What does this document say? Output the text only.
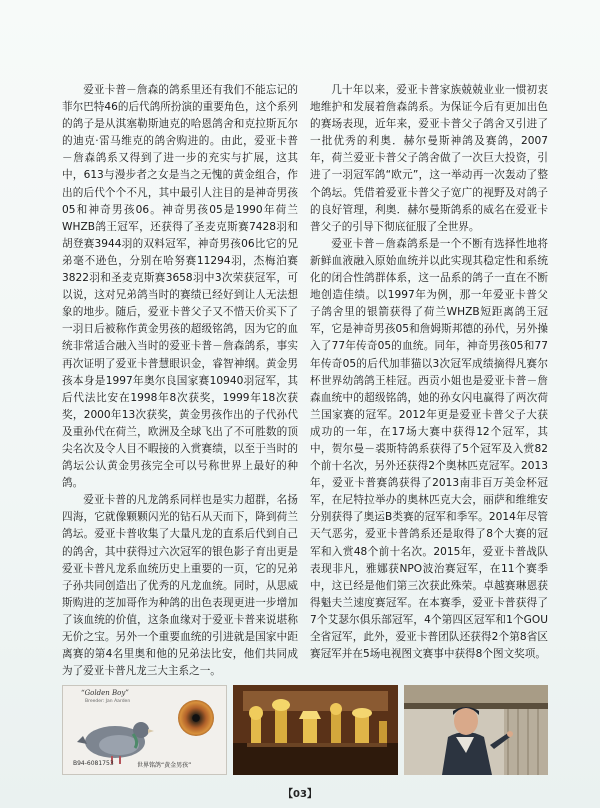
爱亚卡普－詹森的鸽系里还有我们不能忘记的菲尔巴特46的后代鸽所扮演的重要角色，这个系列的鸽子是从淇塞勒斯迪克的哈恩鸽舍和克拉斯瓦尔的迪克·雷马维克的鸽舍购进的。由此，爱亚卡普－詹森鸽系又得到了进一步的充实与扩展，这其中，613与漫步者之女是当之无愧的黄金组合，作出的后代个个不凡，其中最引人注目的是神奇男孩05和神奇男孩06。神奇男孩05是1990年荷兰WHZB鸽王冠军，还获得了圣麦克斯赛7428羽和胡登赛3944羽的双料冠军，神奇男孩06比它的兄弟毫不逊色，分别在哈努赛11294羽，杰梅泊赛3822羽和圣麦克斯赛3658羽中3次荣获冠军，可以说，这对兄弟鸽当时的赛绩已经好到让人无法想象的地步。随后，爱亚卡普父子又不惜天价买下了一羽日后被称作黄金男孩的超级铭鸽，因为它的血统非常适合融入当时的爱亚卡普－詹森鸽系，事实再次证明了爱亚卡普慧眼识金，睿智神纲。黄金男孩本身是1997年奥尔良国家赛10940羽冠军，其后代法比安在1998年8次获奖，1999年18次获奖，2000年13次获奖，黄金男孩作出的子代孙代及重孙代在荷兰，欧洲及全球飞出了不可胜数的顶尖名次及令人目不暇接的入赏赛绩，以至于当时的鸽坛公认黄金男孩完全可以号称世界上最好的种鸽。

爱亚卡普的凡龙鸽系同样也是实力超群，名扬四海，它就像颗颗闪光的钻石从天而下，降到荷兰鸽坛。爱亚卡普收集了大量凡龙的直系后代到自己的鸽舍，其中获得过六次冠军的银色影子育出更是爱亚卡普凡龙系血统历史上重要的一页，它的兄弟子孙共同创造出了优秀的凡龙血统。同时，从思威斯购进的芝加哥作为种鸽的出色表现更进一步增加了该血统的价值，这条血缘对于爱亚卡普来说堪称无价之宝。另外一个重要血统的引进就是国家中距离赛的第4名里奥和他的兄弟法比安，他们共同成为了爱亚卡普凡龙三大主系之一。

几十年以来，爱亚卡普家族兢兢业业一惯初衷地维护和发展着詹森鸽系。为保证今后有更加出色的赛场表现，近年来，爱亚卡普父子鸽舍又引进了一批优秀的利奥．赫尔曼斯神鸽及赛鸽，2007年，荷兰爱亚卡普父子鸽舍做了一次巨大投资，引进了一羽冠军鸽“欧元”，这一举动再一次轰动了整个鸽坛。凭借着爱亚卡普父子宽广的视野及对鸽子的良好管理，利奥．赫尔曼斯鸽系的威名在爱亚卡普父子的引导下彻底征服了全世界。

爱亚卡普－詹森鸽系是一个不断有选择性地将新鲜血液融入原始血统并以此实现其稳定性和系统化的闭合性鸽群体系，这一品系的鸽子一直在不断地创造佳绩。以1997年为例，那一年爱亚卡普父子鸽舍里的银箭获得了荷兰WHZB短距离鸽王冠军，它是神奇男孩05和詹姆斯邦德的孙代，另外操入了77年传奇05的血统。同年，神奇男孩05和77年传奇05的后代加菲猫以3次冠军成绩摘得凡赛尔杯世界幼鸽鸽王桂冠。西贡小姐也是爱亚卡普－詹森血统中的超级铭鸽，她的孙女闪电赢得了两次荷兰国家赛的冠军。2012年更是爱亚卡普父子大获成功的一年，在17场大赛中获得12个冠军，其中，贺尔曼－裘斯特鸽系获得了5个冠军及入赏82个前十名次，另外还获得2个奥林匹克冠军。2013年，爱亚卡普赛鸽获得了2013南非百万美金杯冠军，在尼特拉举办的奥林匹克大会，丽萨和维维安分别获得了奥运B类赛的冠军和季军。2014年尽管天气恶劣，爱亚卡普鸽系还是取得了8个大赛的冠军和入赏48个前十名次。2015年，爱亚卡普战队表现非凡，雅娜获NPO波治赛冠军，在11个赛季中，这已经是他们第三次获此殊荣。卓越赛琳恩获得魁夫兰速度赛冠军。在本赛季，爱亚卡普获得了7个艾瑟尔俱乐部冠军，4个第四区冠军和1个GOU全省冠军，此外，爱亚卡普团队还获得2个第8省区赛冠军并在5场电视图文赛事中获得8个图文奖项。

“Golden Boy”
Breeder: Jan Aarden
B94-6081753	世界铭鸽“黄金男孩”
【03】
